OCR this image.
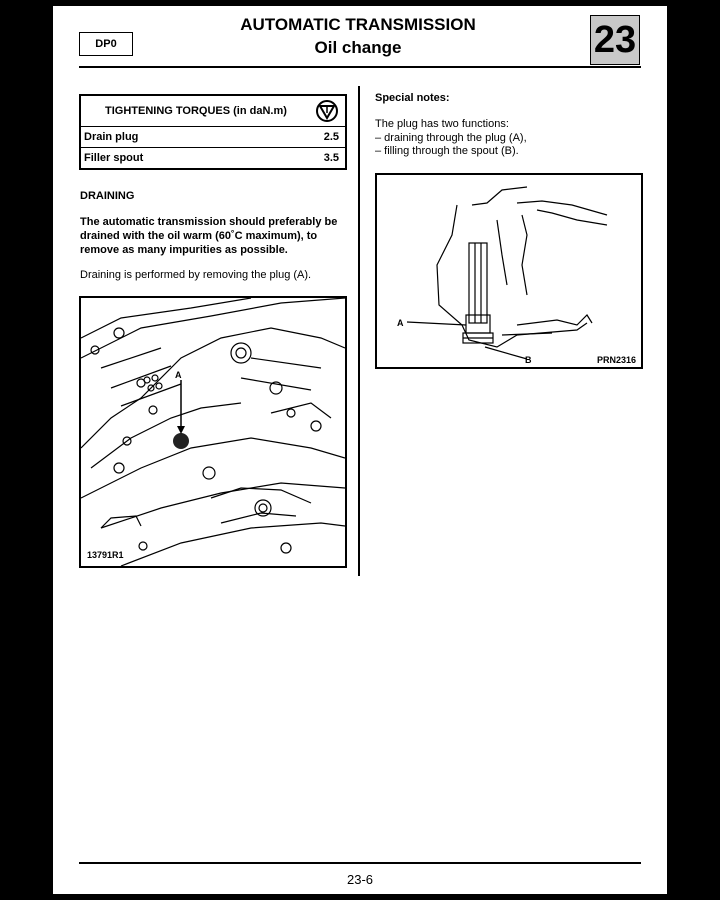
DP0
AUTOMATIC TRANSMISSION
Oil change	23
TIGHTENING TORQUES (in daN.m)
Drain plug	2.5
Filler spout	3.5
DRAINING
The automatic transmission should preferably be drained with the oil warm (60˚C maximum), to remove as many impurities as possible.
Draining is performed by removing the plug (A).
A
13791R1
Special notes:
The plug has two functions:
– draining through the plug (A),
– filling through the spout (B).
A
B	PRN2316
23-6
